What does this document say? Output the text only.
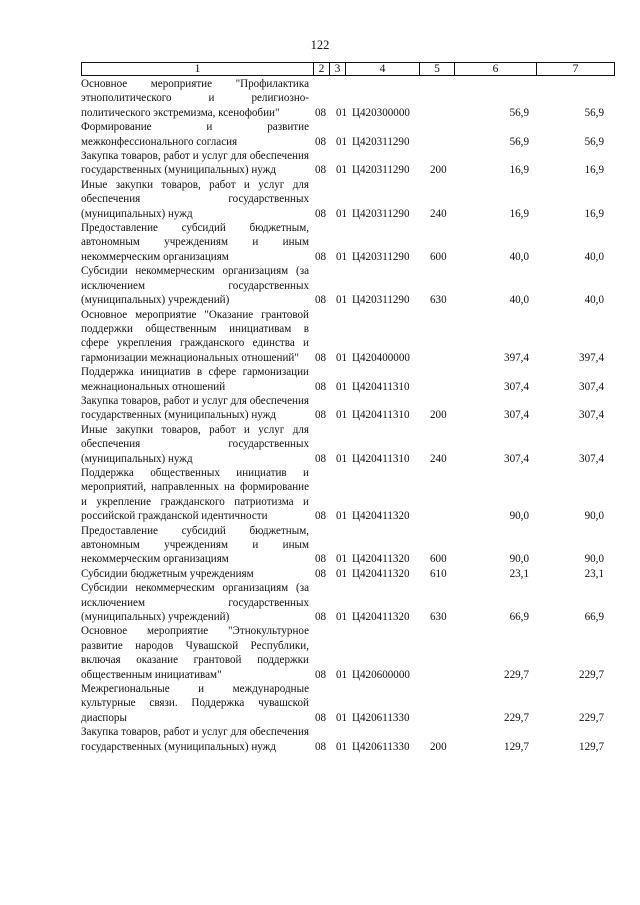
122
1	2 3	4	5	6	7
Основное мероприятие "Профилактика этнополитического и религиозно-политического экстремизма, ксенофобии"	08 01 Ц420300000	56,9	56,9
Формирование и развитие межконфессионального согласия	08 01 Ц420311290	56,9	56,9
Закупка товаров, работ и услуг для обеспечения государственных (муниципальных) нужд	08 01 Ц420311290 200	16,9	16,9
Иные закупки товаров, работ и услуг для обеспечения государственных (муниципальных) нужд	08 01 Ц420311290 240	16,9	16,9
Предоставление субсидий бюджетным, автономным учреждениям и иным некоммерческим организациям	08 01 Ц420311290 600	40,0	40,0
Субсидии некоммерческим организациям (за исключением государственных (муниципальных) учреждений)	08 01 Ц420311290 630	40,0	40,0
Основное мероприятие "Оказание грантовой поддержки общественным инициативам в сфере укрепления гражданского единства и гармонизации межнациональных отношений"	08 01 Ц420400000	397,4	397,4
Поддержка инициатив в сфере гармонизации межнациональных отношений	08 01 Ц420411310	307,4	307,4
Закупка товаров, работ и услуг для обеспечения государственных (муниципальных) нужд	08 01 Ц420411310 200	307,4	307,4
Иные закупки товаров, работ и услуг для обеспечения государственных (муниципальных) нужд	08 01 Ц420411310 240	307,4	307,4
Поддержка общественных инициатив и мероприятий, направленных на формирование и укрепление гражданского патриотизма и российской гражданской идентичности	08 01 Ц420411320	90,0	90,0
Предоставление субсидий бюджетным, автономным учреждениям и иным некоммерческим организациям	08 01 Ц420411320 600	90,0	90,0
Субсидии бюджетным учреждениям	08 01 Ц420411320 610	23,1	23,1
Субсидии некоммерческим организациям (за исключением государственных (муниципальных) учреждений)	08 01 Ц420411320 630	66,9	66,9
Основное мероприятие "Этнокультурное развитие народов Чувашской Республики, включая оказание грантовой поддержки общественным инициативам"	08 01 Ц420600000	229,7	229,7
Межрегиональные и международные культурные связи. Поддержка чувашской диаспоры	08 01 Ц420611330	229,7	229,7
Закупка товаров, работ и услуг для обеспечения государственных (муниципальных) нужд	08 01 Ц420611330 200	129,7	129,7
